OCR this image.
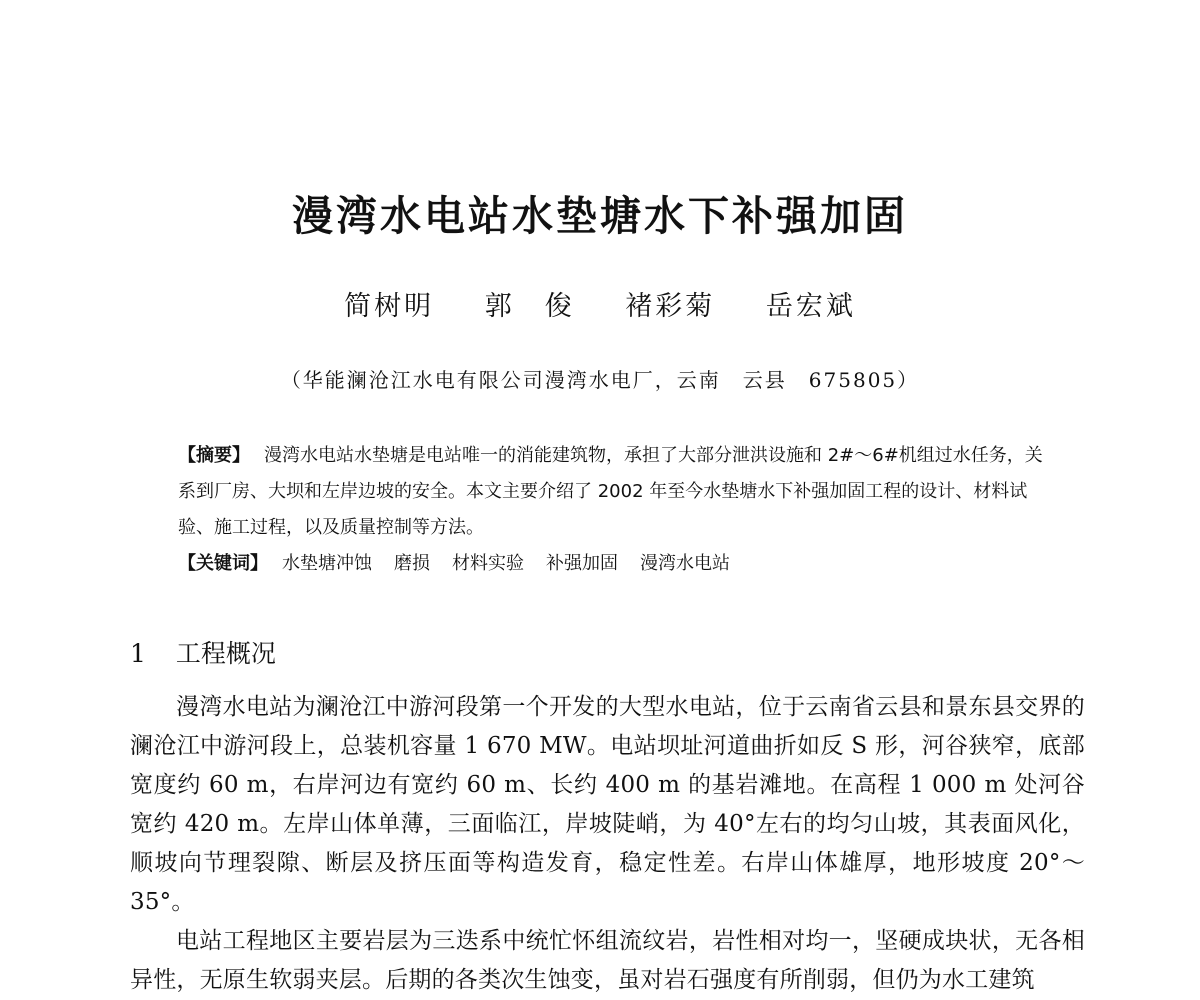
漫湾水电站水垫塘水下补强加固
简树明 郭　俊 褚彩菊 岳宏斌
（华能澜沧江水电有限公司漫湾水电厂，云南　云县　675805）

【摘要】 漫湾水电站水垫塘是电站唯一的消能建筑物，承担了大部分泄洪设施和 2#～6#机组过水任务，关系到厂房、大坝和左岸边坡的安全。本文主要介绍了 2002 年至今水垫塘水下补强加固工程的设计、材料试验、施工过程，以及质量控制等方法。

【关键词】 水垫塘冲蚀 磨损 材料实验 补强加固 漫湾水电站

1 工程概况

漫湾水电站为澜沧江中游河段第一个开发的大型水电站，位于云南省云县和景东县交界的澜沧江中游河段上，总装机容量 1 670 MW。电站坝址河道曲折如反 S 形，河谷狭窄，底部宽度约 60 m，右岸河边有宽约 60 m、长约 400 m 的基岩滩地。在高程 1 000 m 处河谷宽约 420 m。左岸山体单薄，三面临江，岸坡陡峭，为 40°左右的均匀山坡，其表面风化，顺坡向节理裂隙、断层及挤压面等构造发育，稳定性差。右岸山体雄厚，地形坡度 20°～35°。

电站工程地区主要岩层为三迭系中统忙怀组流纹岩，岩性相对均一，坚硬成块状，无各相异性，无原生软弱夹层。后期的各类次生蚀变，虽对岩石强度有所削弱，但仍为水工建筑
